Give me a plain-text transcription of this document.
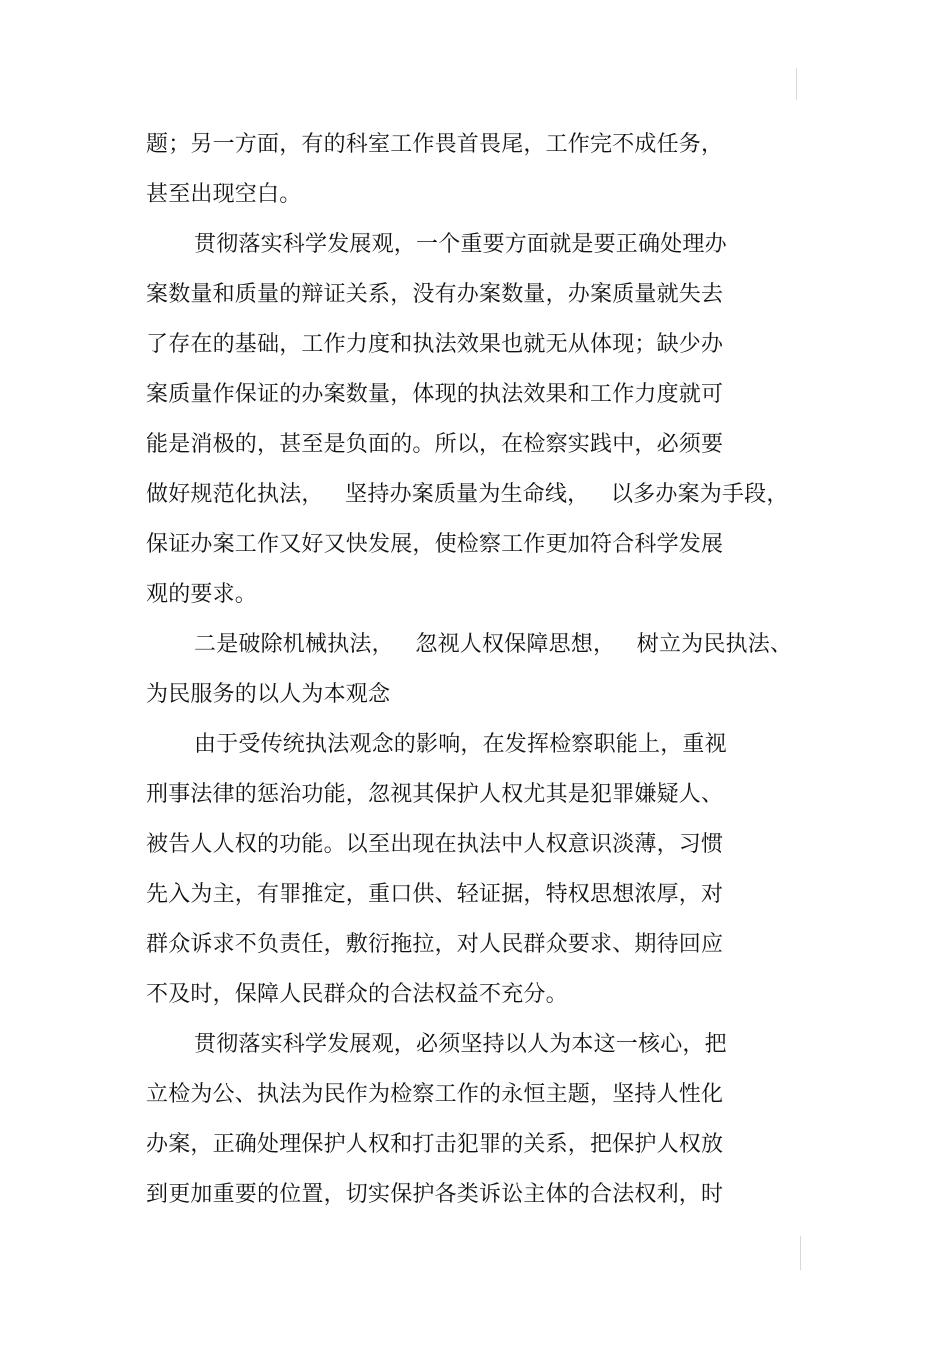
题；另一方面，有的科室工作畏首畏尾，工作完不成任务，
甚至出现空白。
贯彻落实科学发展观，一个重要方面就是要正确处理办
案数量和质量的辩证关系，没有办案数量，办案质量就失去
了存在的基础，工作力度和执法效果也就无从体现；缺少办
案质量作保证的办案数量，体现的执法效果和工作力度就可
能是消极的，甚至是负面的。所以，在检察实践中，必须要
做好规范化执法，   坚持办案质量为生命线，   以多办案为手段，
保证办案工作又好又快发展，使检察工作更加符合科学发展
观的要求。
二是破除机械执法，   忽视人权保障思想，   树立为民执法、
为民服务的以人为本观念
由于受传统执法观念的影响，在发挥检察职能上，重视
刑事法律的惩治功能，忽视其保护人权尤其是犯罪嫌疑人、
被告人人权的功能。以至出现在执法中人权意识淡薄，习惯
先入为主，有罪推定，重口供、轻证据，特权思想浓厚，对
群众诉求不负责任，敷衍拖拉，对人民群众要求、期待回应
不及时，保障人民群众的合法权益不充分。
贯彻落实科学发展观，必须坚持以人为本这一核心，把
立检为公、执法为民作为检察工作的永恒主题，坚持人性化
办案，正确处理保护人权和打击犯罪的关系，把保护人权放
到更加重要的位置，切实保护各类诉讼主体的合法权利，时
